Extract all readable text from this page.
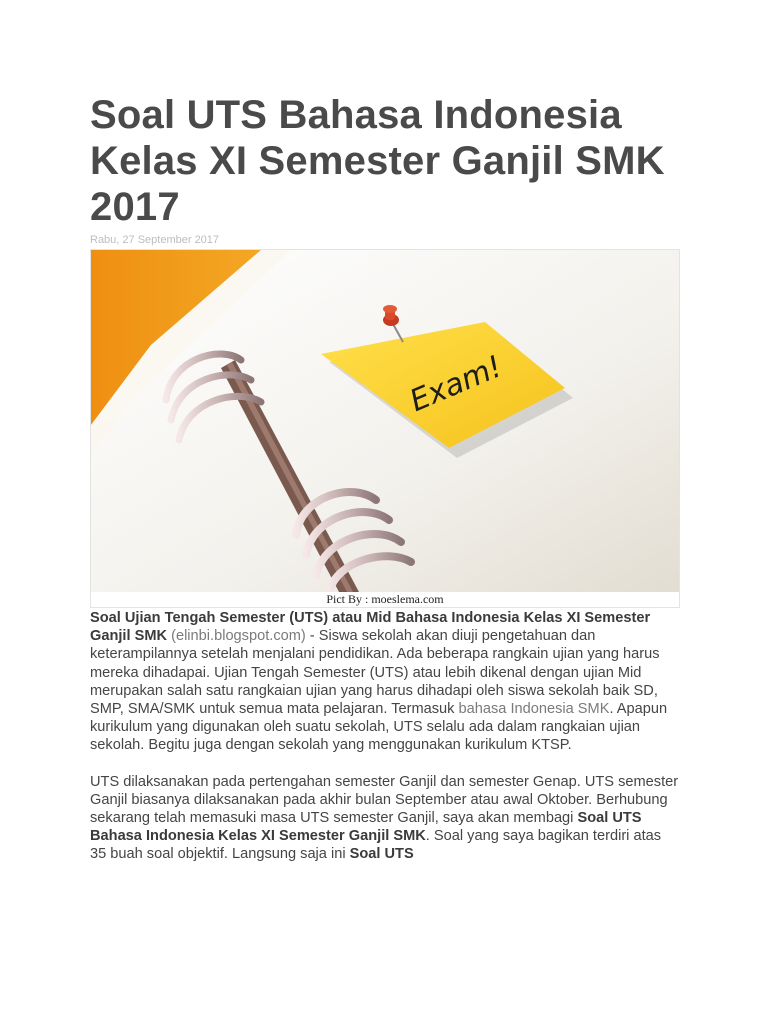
Soal UTS Bahasa Indonesia Kelas XI Semester Ganjil SMK 2017
Rabu, 27 September 2017
Exam!
Pict By : moeslema.com

Soal Ujian Tengah Semester (UTS) atau Mid Bahasa Indonesia Kelas XI Semester Ganjil SMK (elinbi.blogspot.com) - Siswa sekolah akan diuji pengetahuan dan keterampilannya setelah menjalani pendidikan. Ada beberapa rangkain ujian yang harus mereka dihadapai. Ujian Tengah Semester (UTS) atau lebih dikenal dengan ujian Mid merupakan salah satu rangkaian ujian yang harus dihadapi oleh siswa sekolah baik SD, SMP, SMA/SMK untuk semua mata pelajaran. Termasuk bahasa Indonesia SMK. Apapun kurikulum yang digunakan oleh suatu sekolah, UTS selalu ada dalam rangkaian ujian sekolah. Begitu juga dengan sekolah yang menggunakan kurikulum KTSP.

UTS dilaksanakan pada pertengahan semester Ganjil dan semester Genap. UTS semester Ganjil biasanya dilaksanakan pada akhir bulan September atau awal Oktober. Berhubung sekarang telah memasuki masa UTS semester Ganjil, saya akan membagi Soal UTS Bahasa Indonesia Kelas XI Semester Ganjil SMK. Soal yang saya bagikan terdiri atas 35 buah soal objektif. Langsung saja ini Soal UTS
